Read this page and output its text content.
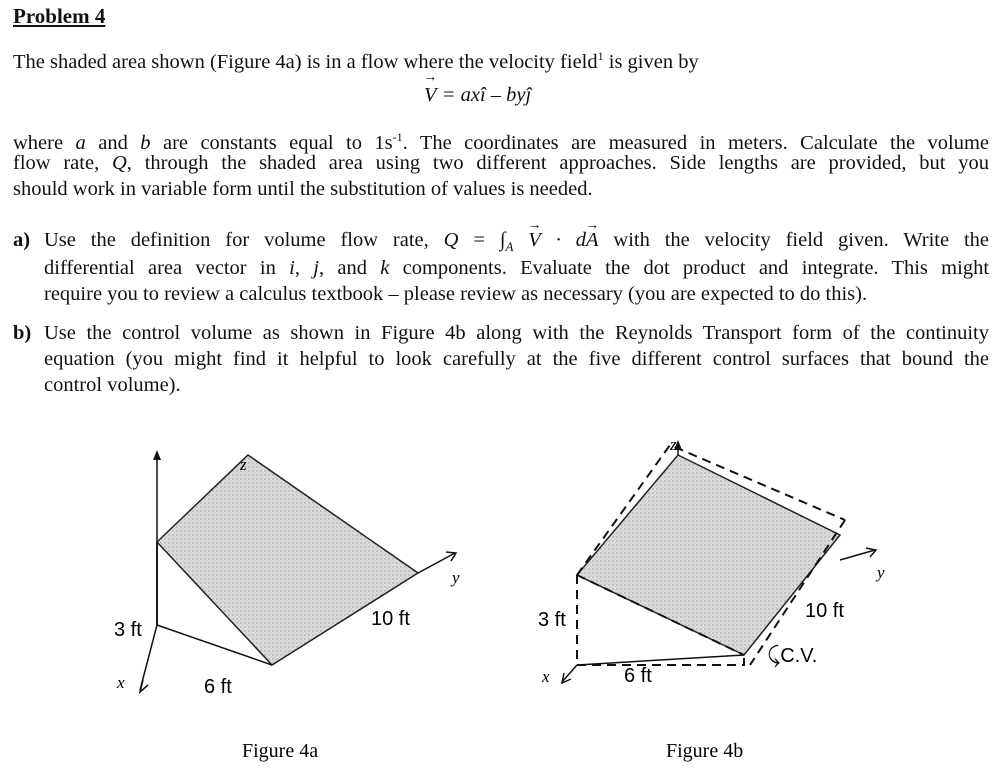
Problem 4

The shaded area shown (Figure 4a) is in a flow where the velocity field$^1$ is given by

→ V = axî – byĵ

where a and b are constants equal to $1s^{-1}$. The coordinates are measured in meters. Calculate the volume

flow rate, Q, through the shaded area using two different approaches. Side lengths are provided, but you

should work in variable form until the substitution of values is needed.

a) Use the definition for volume flow rate, $Q = \int_A \to V \cdot d\to A$ with the velocity field given. Write the

differential area vector in i, j, and k components. Evaluate the dot product and integrate. This might

require you to review a calculus textbook – please review as necessary (you are expected to do this).

b) Use the control volume as shown in Figure 4b along with the Reynolds Transport form of the continuity

equation (you might find it helpful to look carefully at the five different control surfaces that bound the

control volume).

z
y
x
3 ft
6 ft
10 ft
Figure 4a
z
y
x
3 ft
6 ft
10 ft
⤹C.V.
Figure 4b
